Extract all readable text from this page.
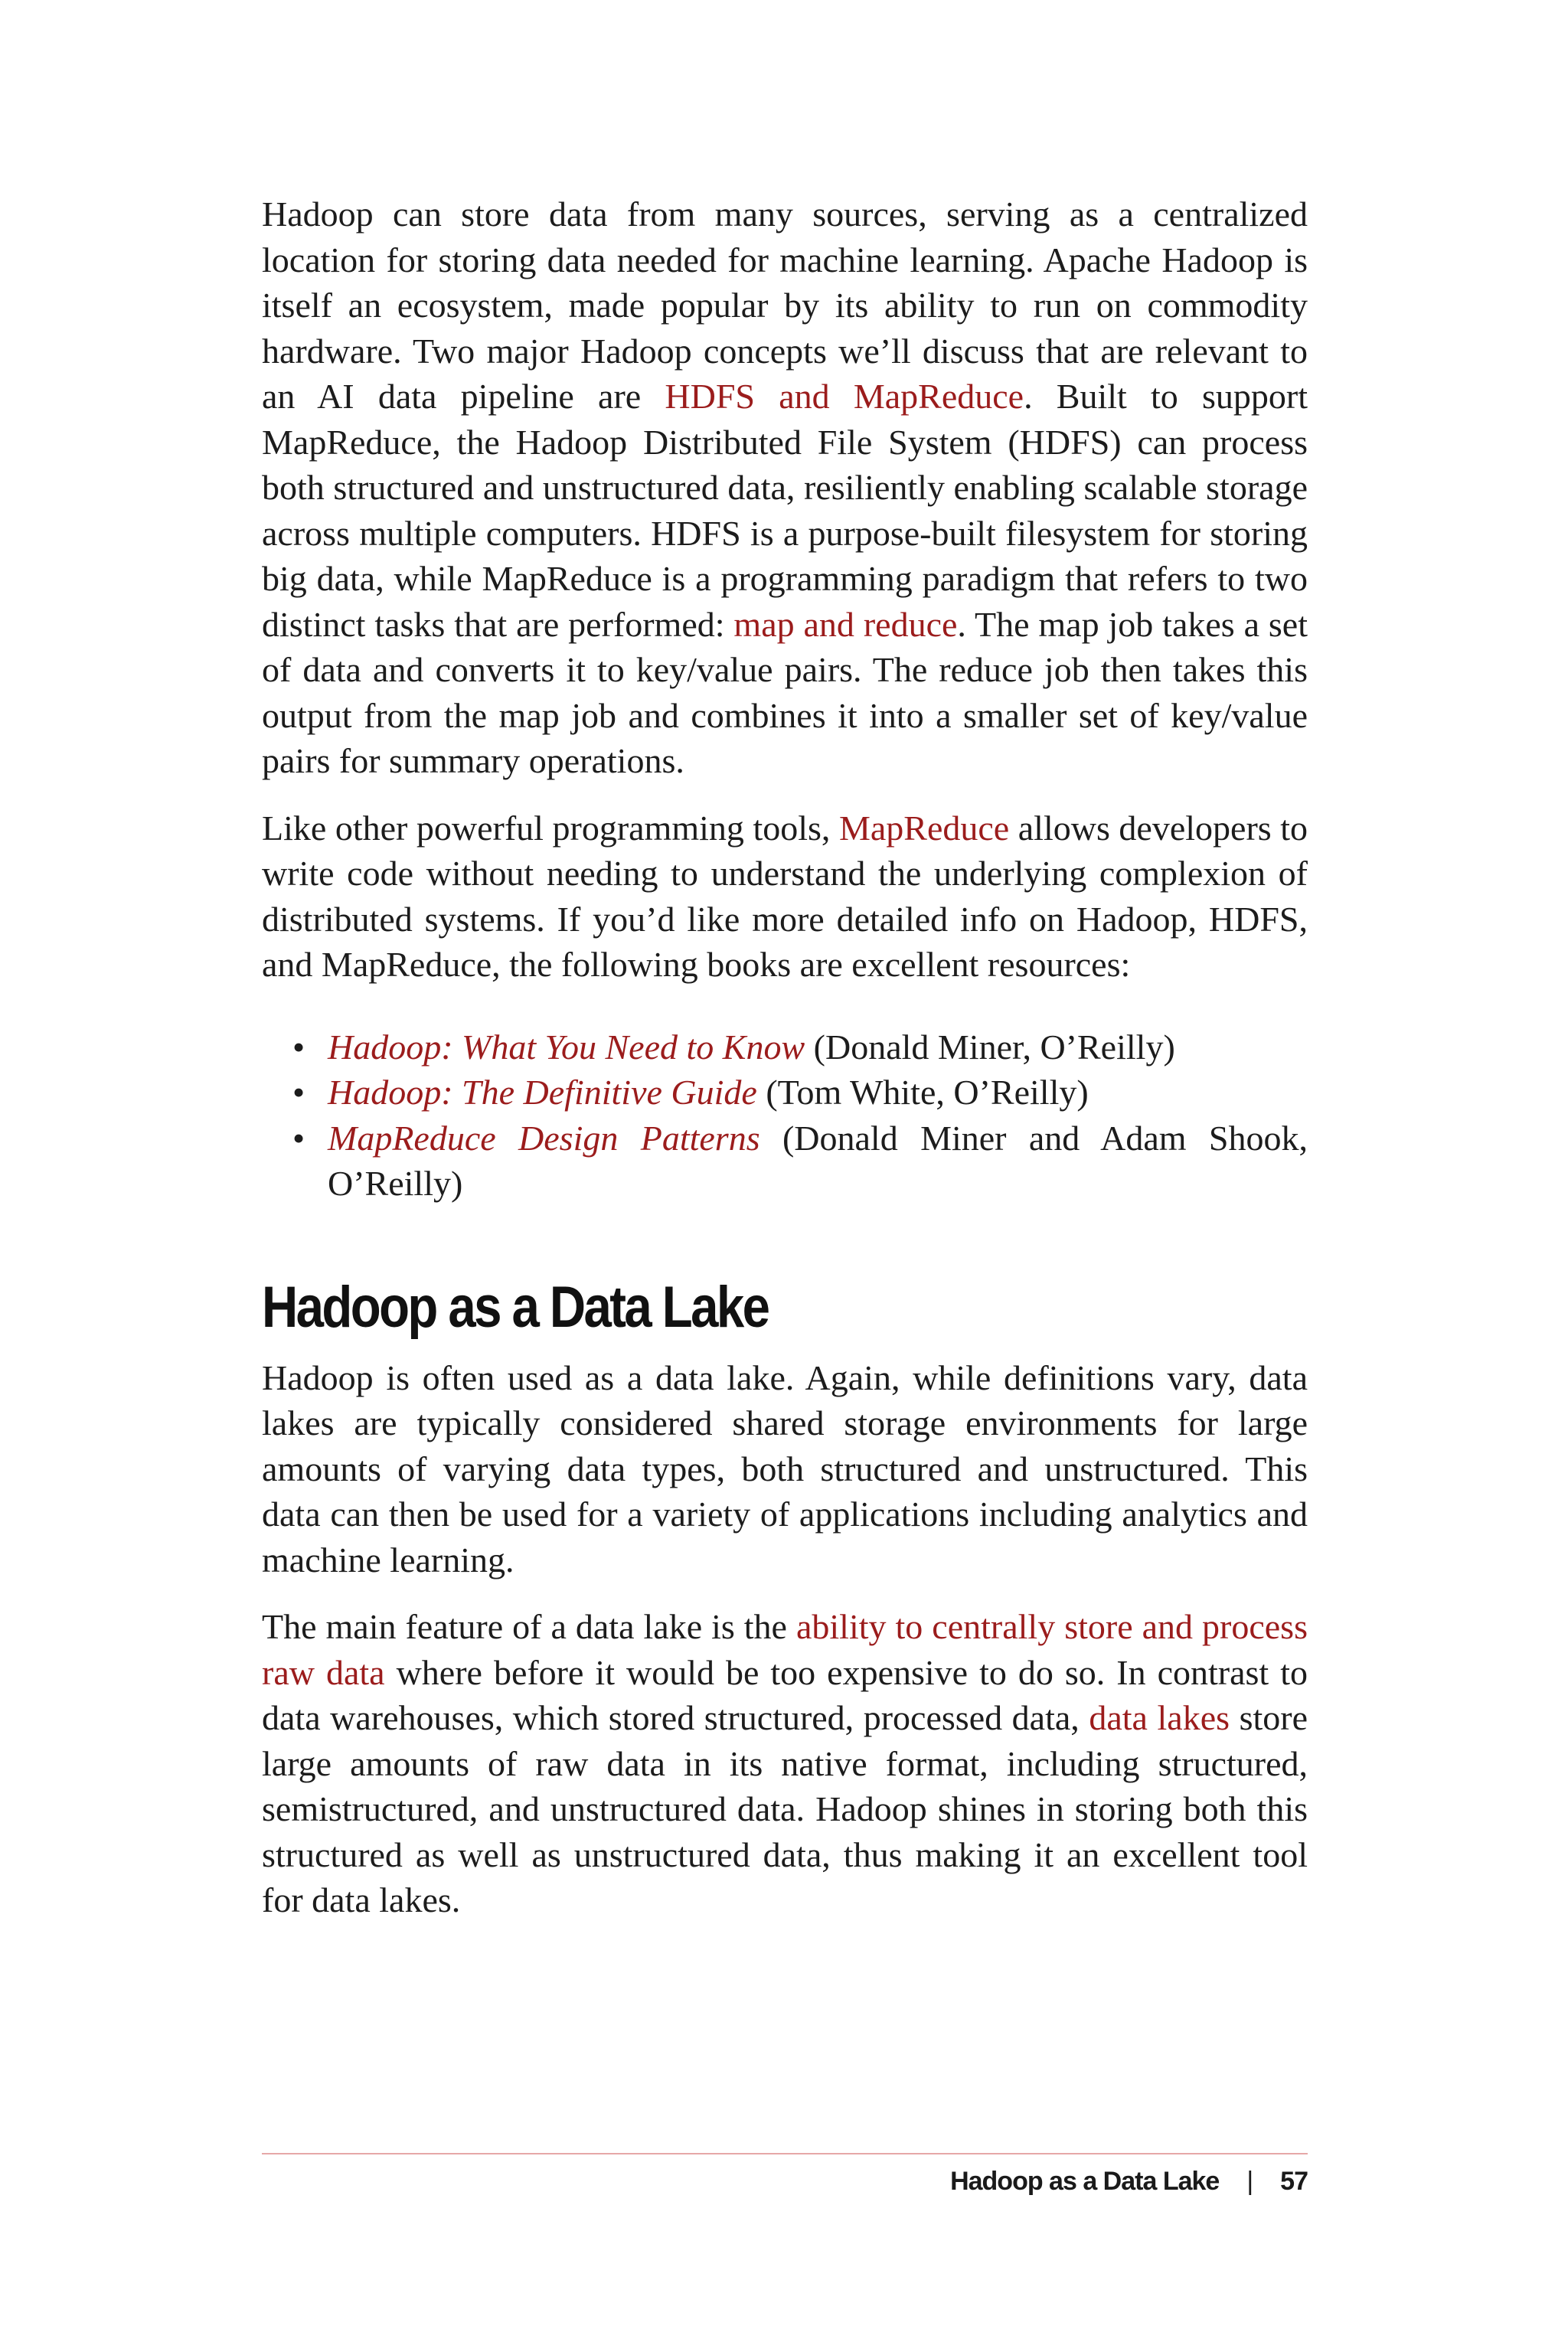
Hadoop can store data from many sources, serving as a centralized location for storing data needed for machine learning. Apache Hadoop is itself an ecosystem, made popular by its ability to run on commodity hardware. Two major Hadoop concepts we’ll discuss that are relevant to an AI data pipeline are HDFS and MapReduce. Built to support MapReduce, the Hadoop Distributed File System (HDFS) can process both structured and unstructured data, resiliently enabling scalable storage across multiple computers. HDFS is a purpose-built filesystem for storing big data, while MapReduce is a programming paradigm that refers to two distinct tasks that are performed: map and reduce. The map job takes a set of data and converts it to key/value pairs. The reduce job then takes this output from the map job and combines it into a smaller set of key/value pairs for summary operations.

Like other powerful programming tools, MapReduce allows developers to write code without needing to understand the underlying complexion of distributed systems. If you’d like more detailed info on Hadoop, HDFS, and MapReduce, the following books are excellent resources:

• Hadoop: What You Need to Know (Donald Miner, O’Reilly)
• Hadoop: The Definitive Guide (Tom White, O’Reilly)
• MapReduce Design Patterns (Donald Miner and Adam Shook, O’Reilly)
Hadoop as a Data Lake

Hadoop is often used as a data lake. Again, while definitions vary, data lakes are typically considered shared storage environments for large amounts of varying data types, both structured and unstructured. This data can then be used for a variety of applications including analytics and machine learning.

The main feature of a data lake is the ability to centrally store and process raw data where before it would be too expensive to do so. In contrast to data warehouses, which stored structured, processed data, data lakes store large amounts of raw data in its native format, including structured, semistructured, and unstructured data. Hadoop shines in storing both this structured as well as unstructured data, thus making it an excellent tool for data lakes.

Hadoop as a Data Lake | 57
